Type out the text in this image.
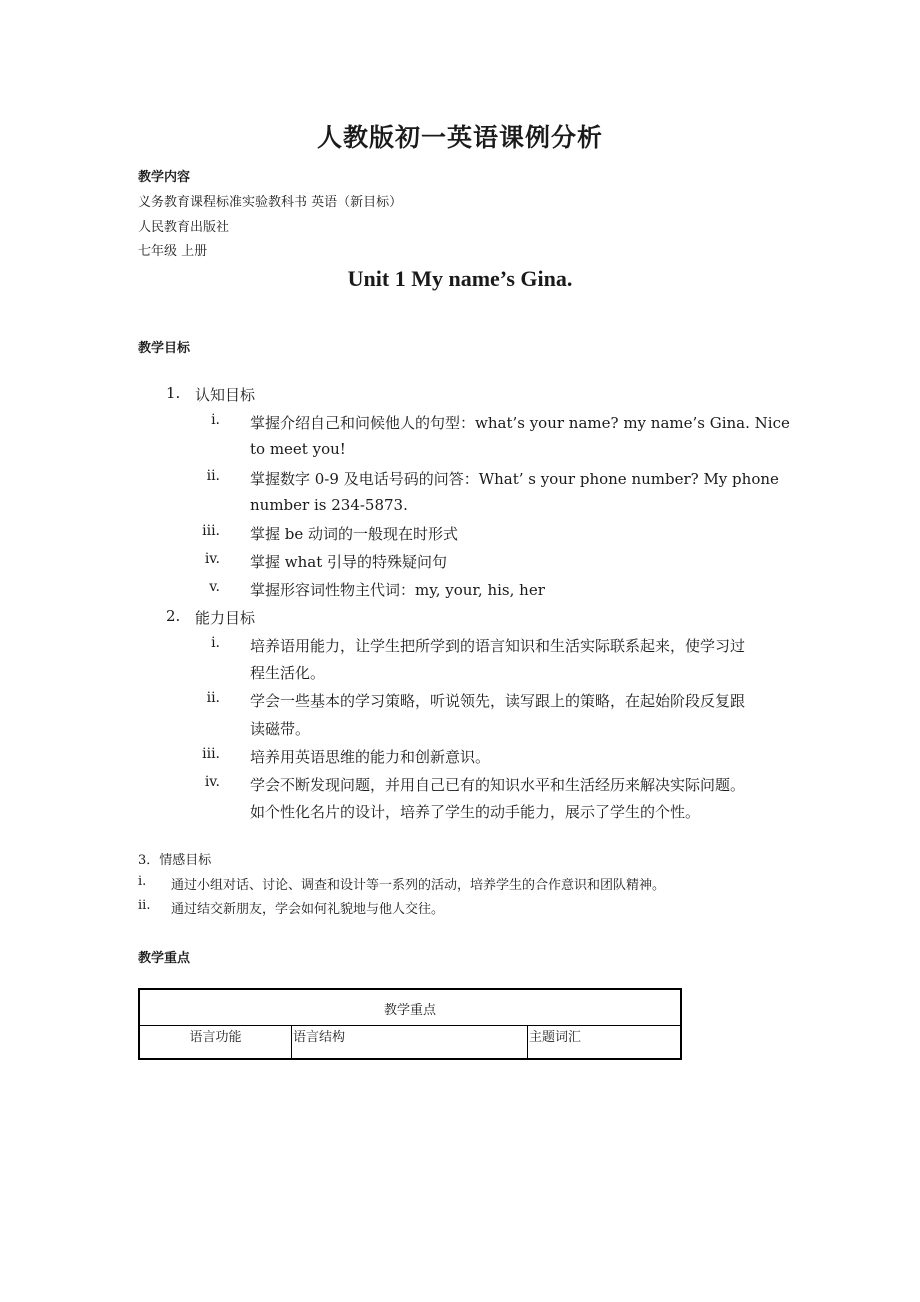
人教版初一英语课例分析
教学内容
义务教育课程标准实验教科书 英语（新目标）
人民教育出版社
七年级 上册
Unit 1 My name’s Gina.
教学目标
1. 认知目标
i. 掌握介绍自己和问候他人的句型：what’s your name? my name’s Gina. Nice
to meet you!
ii. 掌握数字 0-9 及电话号码的问答：What’ s your phone number? My phone
number is 234-5873.
iii. 掌握 be 动词的一般现在时形式
iv. 掌握 what 引导的特殊疑问句
v. 掌握形容词性物主代词：my, your, his, her
2. 能力目标
i. 培养语用能力，让学生把所学到的语言知识和生活实际联系起来，使学习过
程生活化。
ii. 学会一些基本的学习策略，听说领先，读写跟上的策略，在起始阶段反复跟
读磁带。
iii. 培养用英语思维的能力和创新意识。
iv. 学会不断发现问题，并用自己已有的知识水平和生活经历来解决实际问题。
如个性化名片的设计，培养了学生的动手能力，展示了学生的个性。
3．情感目标
i. 通过小组对话、讨论、调查和设计等一系列的活动，培养学生的合作意识和团队精神。
ii. 通过结交新朋友，学会如何礼貌地与他人交往。
教学重点
教学重点
语言功能	语言结构	主题词汇
